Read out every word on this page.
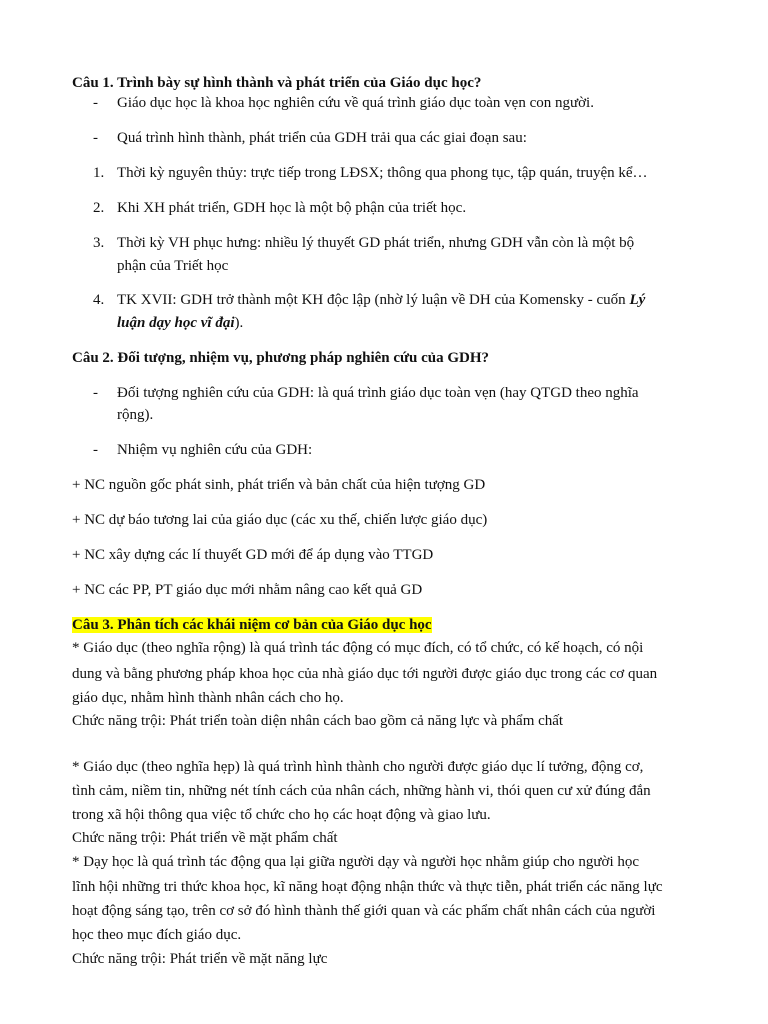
Câu 1. Trình bày sự hình thành và phát triển của Giáo dục học?
- Giáo dục học là khoa học nghiên cứu về quá trình giáo dục toàn vẹn con người.
- Quá trình hình thành, phát triển của GDH trải qua các giai đoạn sau:
1. Thời kỳ nguyên thủy: trực tiếp trong LĐSX; thông qua phong tục, tập quán, truyện kể…
2. Khi XH phát triển, GDH học là một bộ phận của triết học.
3. Thời kỳ VH phục hưng: nhiều lý thuyết GD phát triển, nhưng GDH vẫn còn là một bộ
phận của Triết học
4. TK XVII: GDH trở thành một KH độc lập (nhờ lý luận về DH của Komensky - cuốn Lý
luận dạy học vĩ đại).
Câu 2. Đối tượng, nhiệm vụ, phương pháp nghiên cứu của GDH?
- Đối tượng nghiên cứu của GDH: là quá trình giáo dục toàn vẹn (hay QTGD theo nghĩa
rộng).
- Nhiệm vụ nghiên cứu của GDH:
+ NC nguồn gốc phát sinh, phát triển và bản chất của hiện tượng GD
+ NC dự báo tương lai của giáo dục (các xu thế, chiến lược giáo dục)
+ NC xây dựng các lí thuyết GD mới để áp dụng vào TTGD
+ NC các PP, PT giáo dục mới nhằm nâng cao kết quả GD
Câu 3. Phân tích các khái niệm cơ bản của Giáo dục học
* Giáo dục (theo nghĩa rộng) là quá trình tác động có mục đích, có tổ chức, có kế hoạch, có nội
dung và bằng phương pháp khoa học của nhà giáo dục tới người được giáo dục trong các cơ quan
giáo dục, nhằm hình thành nhân cách cho họ.
Chức năng trội: Phát triển toàn diện nhân cách bao gồm cả năng lực và phẩm chất
* Giáo dục (theo nghĩa hẹp) là quá trình hình thành cho người được giáo dục lí tưởng, động cơ,
tình cảm, niềm tin, những nét tính cách của nhân cách, những hành vi, thói quen cư xử đúng đắn
trong xã hội thông qua việc tổ chức cho họ các hoạt động và giao lưu.
Chức năng trội: Phát triển về mặt phẩm chất
* Dạy học là quá trình tác động qua lại giữa người dạy và người học nhằm giúp cho người học
lĩnh hội những tri thức khoa học, kĩ năng hoạt động nhận thức và thực tiễn, phát triển các năng lực
hoạt động sáng tạo, trên cơ sở đó hình thành thế giới quan và các phẩm chất nhân cách của người
học theo mục đích giáo dục.
Chức năng trội: Phát triển về mặt năng lực
